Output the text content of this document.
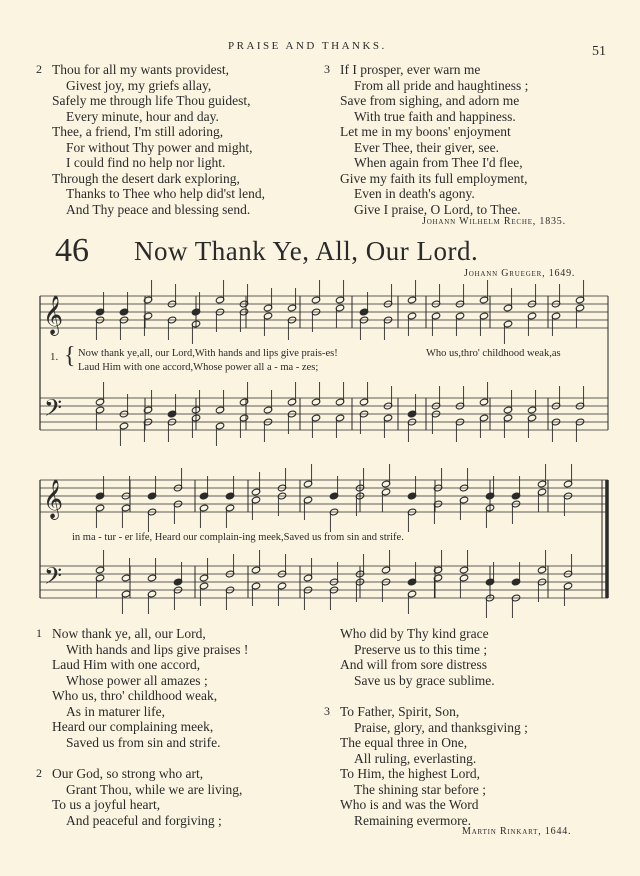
PRAISE AND THANKS.	51
2 Thou for all my wants providest,
Givest joy, my griefs allay,
Safely me through life Thou guidest,
Every minute, hour and day.
Thee, a friend, I'm still adoring,
For without Thy power and might,
I could find no help nor light.
Through the desert dark exploring,
Thanks to Thee who help did'st lend,
And Thy peace and blessing send.
3 If I prosper, ever warn me
From all pride and haughtiness ;
Save from sighing, and adorn me
With true faith and happiness.
Let me in my boons' enjoyment
Ever Thee, their giver, see.
When again from Thee I'd flee,
Give my faith its full employment,
Even in death's agony.
Give I praise, O Lord, to Thee.
Johann Wilhelm Reche, 1835.
46 Now Thank Ye, All, Our Lord.
Johann Grueger, 1649.
𝄞
𝄢
𝄞
𝄢
1. { Now thank ye,all, our Lord,With hands and lips give prais-es!	Who us,thro' childhood weak,as
Laud Him with one accord,Whose power all a - ma - zes;
in ma - tur - er life, Heard our complain-ing meek,Saved us from sin and strife.
1 Now thank ye, all, our Lord,
With hands and lips give praises !
Laud Him with one accord,
Whose power all amazes ;
Who us, thro' childhood weak,
As in maturer life,
Heard our complaining meek,
Saved us from sin and strife.
2 Our God, so strong who art,
Grant Thou, while we are living,
To us a joyful heart,
And peaceful and forgiving ;
Who did by Thy kind grace
Preserve us to this time ;
And will from sore distress
Save us by grace sublime.
3 To Father, Spirit, Son,
Praise, glory, and thanksgiving ;
The equal three in One,
All ruling, everlasting.
To Him, the highest Lord,
The shining star before ;
Who is and was the Word
Remaining evermore.
Martin Rinkart, 1644.
